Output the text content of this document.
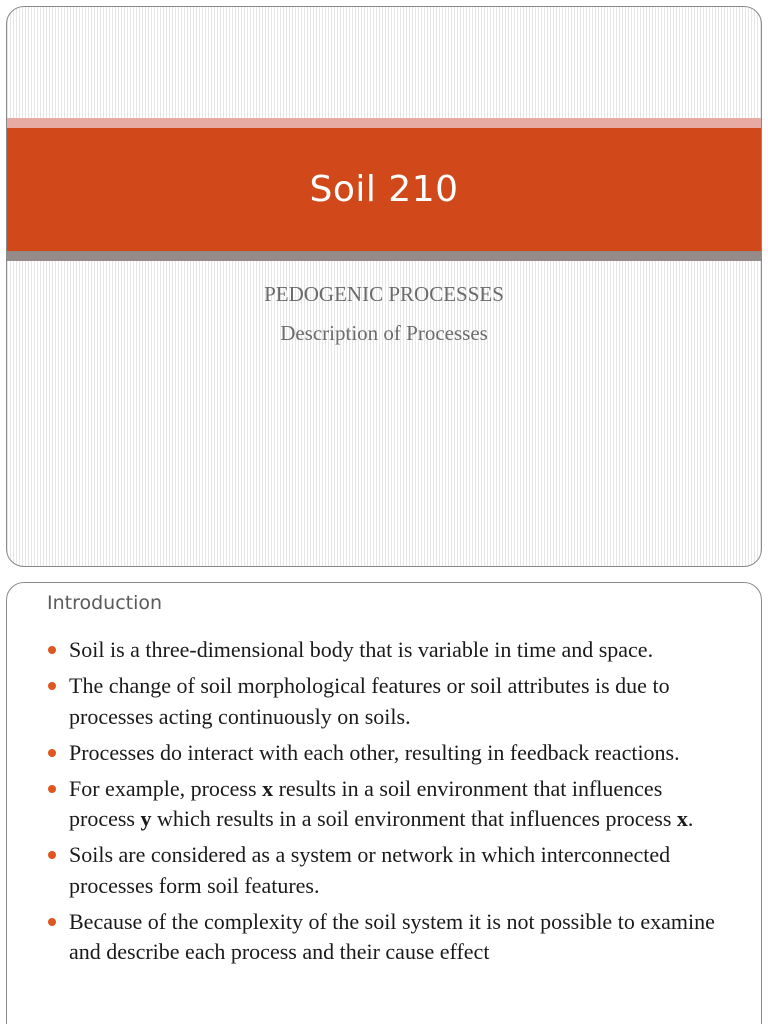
Soil 210
PEDOGENIC PROCESSES
Description of Processes
Introduction
Soil is a three-dimensional body that is variable in time and space.
The change of soil morphological features or soil attributes is due to processes acting continuously on soils.
Processes do interact with each other, resulting in feedback reactions.
For example, process x results in a soil environment that influences process y which results in a soil environment that influences process x.
Soils are considered as a system or network in which interconnected processes form soil features.
Because of the complexity of the soil system it is not possible to examine and describe each process and their cause effect
